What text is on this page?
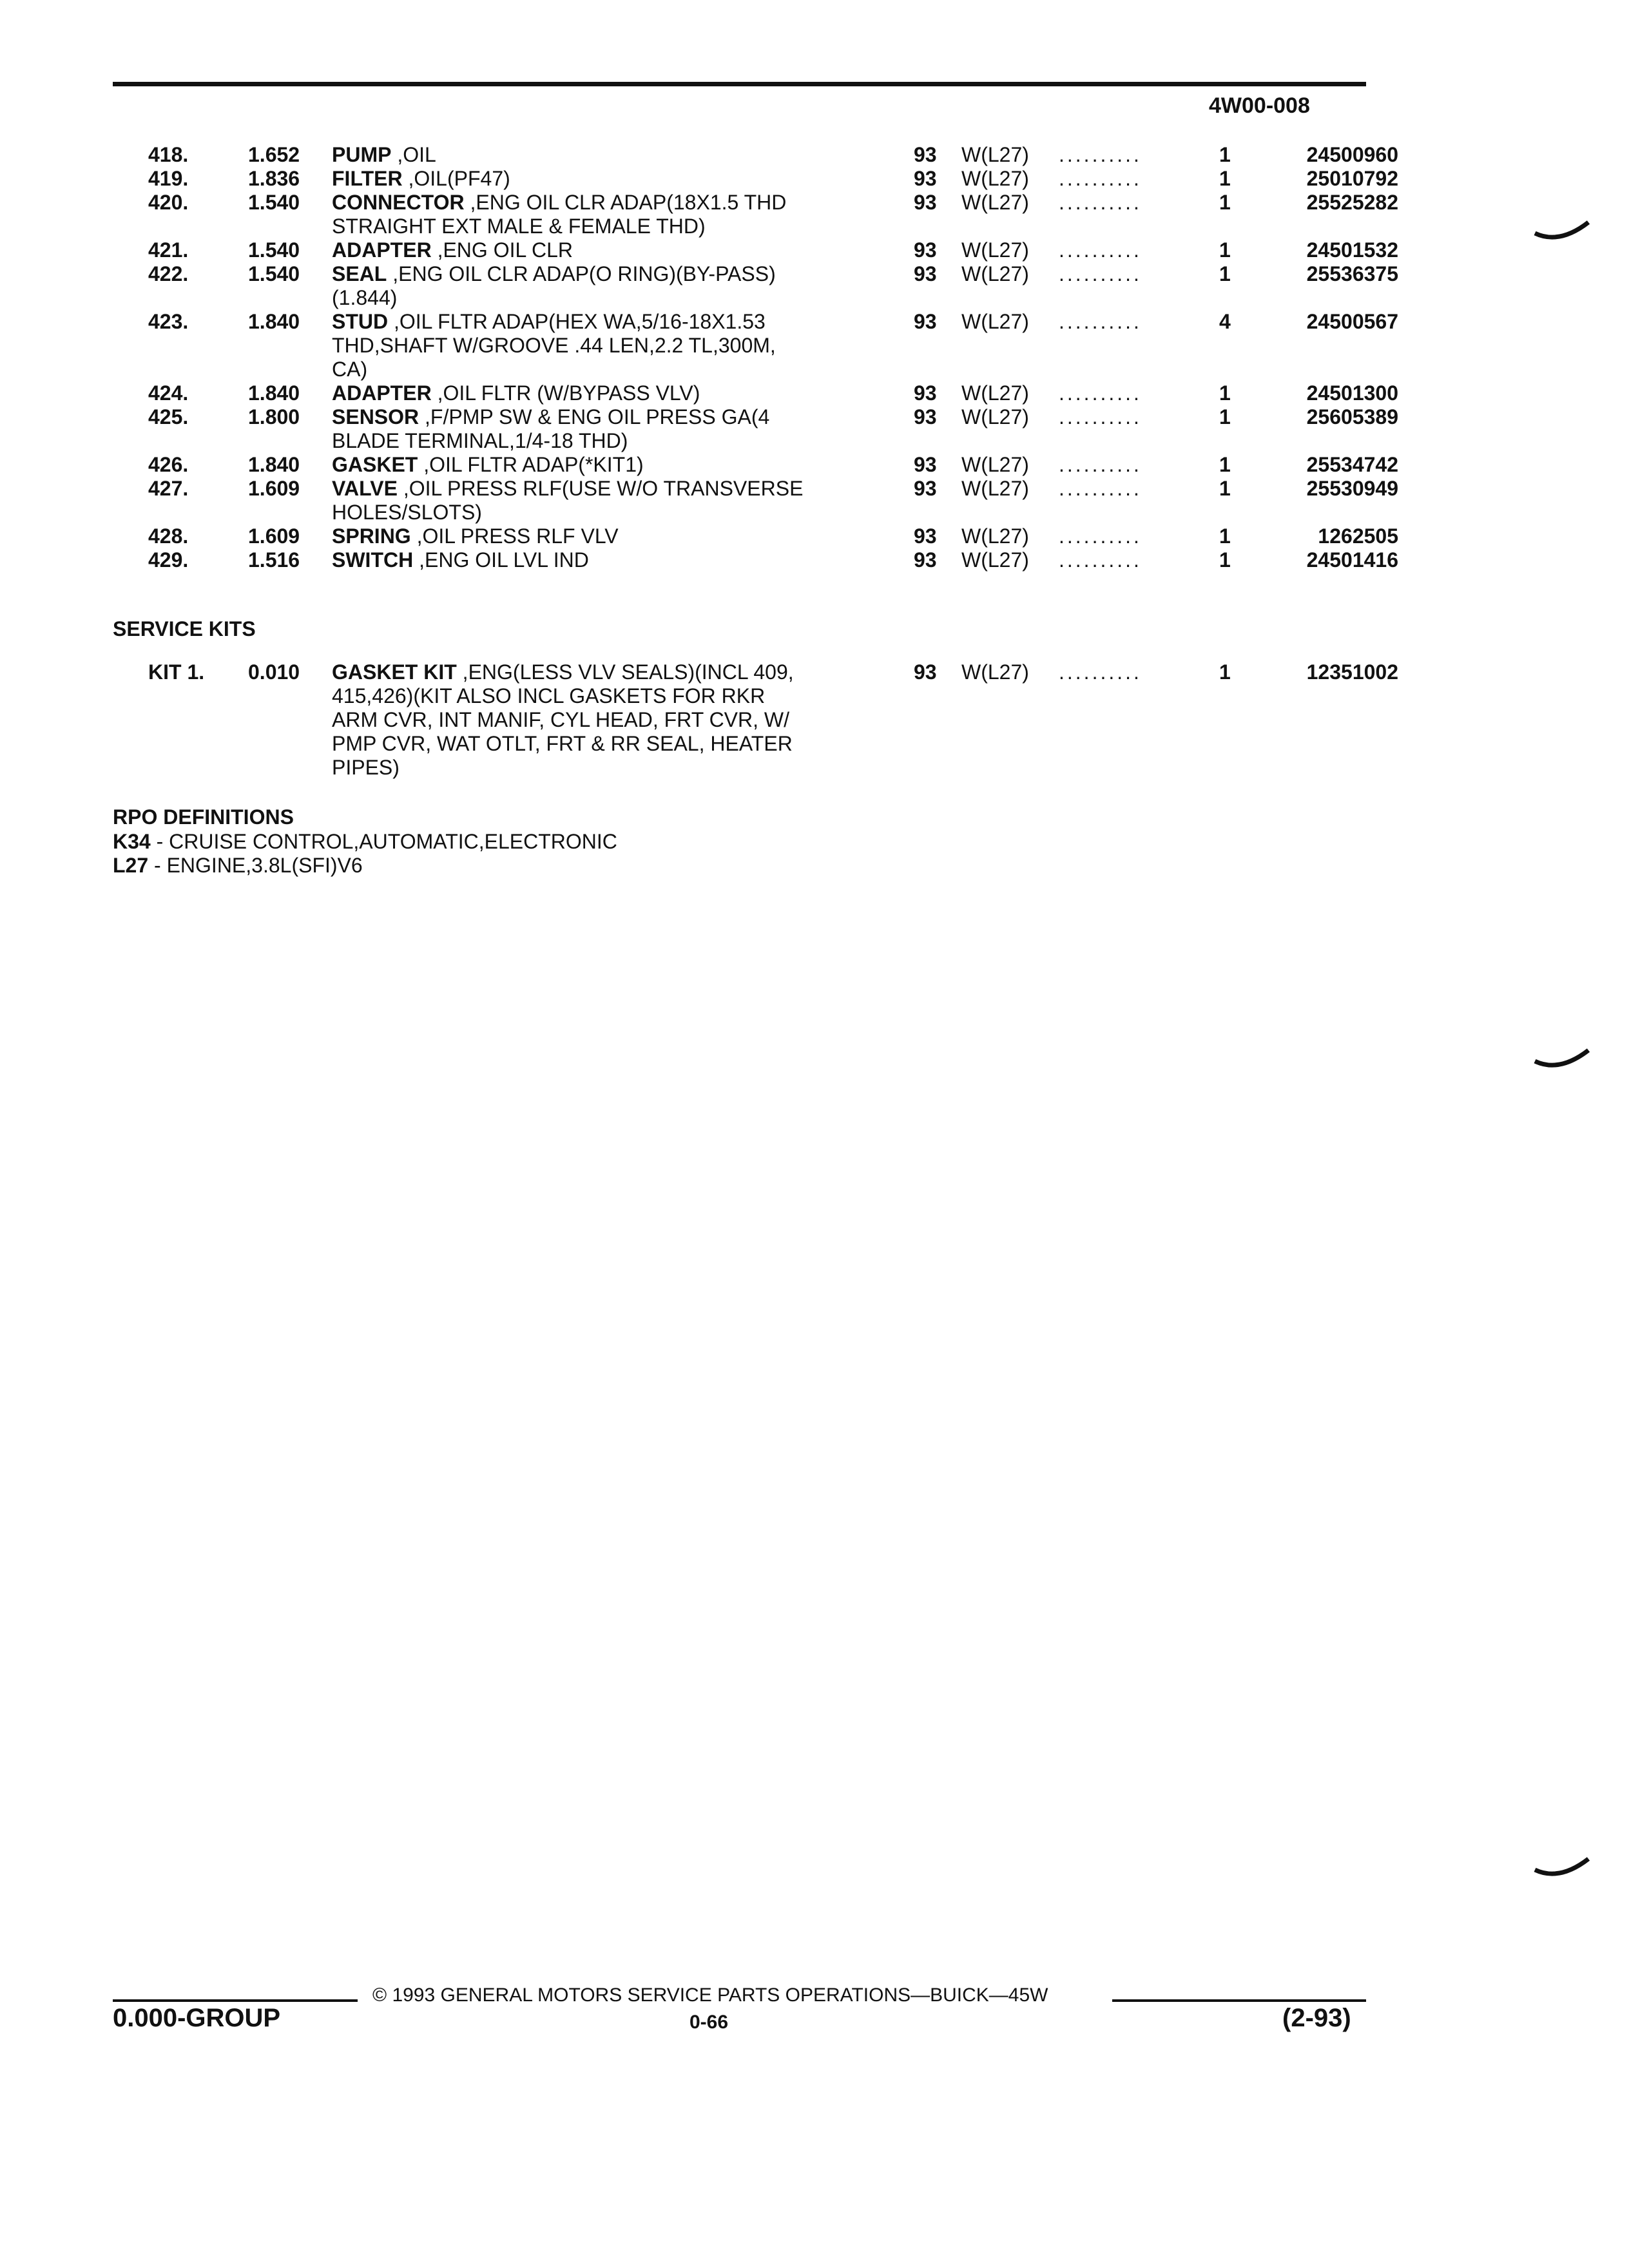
4W00-008
418.	1.652 PUMP ,OIL	93 W(L27) ..........	1	24500960
419.	1.836 FILTER ,OIL(PF47)	93 W(L27) ..........	1	25010792
420.	1.540 CONNECTOR ,ENG OIL CLR ADAP(18X1.5 THD
STRAIGHT EXT MALE & FEMALE THD)
93 W(L27) ..........	1	25525282
421.	1.540 ADAPTER ,ENG OIL CLR	93 W(L27) ..........	1	24501532
422.	1.540 SEAL ,ENG OIL CLR ADAP(O RING)(BY-PASS)
(1.844)
93 W(L27) ..........	1	25536375
423.	1.840 STUD ,OIL FLTR ADAP(HEX WA,5/16-18X1.53
THD,SHAFT W/GROOVE .44 LEN,2.2 TL,300M,
CA)
93 W(L27) ..........	4	24500567
424.	1.840 ADAPTER ,OIL FLTR (W/BYPASS VLV)	93 W(L27) ..........	1	24501300
425.	1.800 SENSOR ,F/PMP SW & ENG OIL PRESS GA(4
BLADE TERMINAL,1/4-18 THD)
93 W(L27) ..........	1	25605389
426.	1.840 GASKET ,OIL FLTR ADAP(*KIT1)	93 W(L27) ..........	1	25534742
427.	1.609 VALVE ,OIL PRESS RLF(USE W/O TRANSVERSE
HOLES/SLOTS)
93 W(L27) ..........	1	25530949
428.	1.609 SPRING ,OIL PRESS RLF VLV	93 W(L27) ..........	1	1262505
429.	1.516 SWITCH ,ENG OIL LVL IND	93 W(L27) ..........	1	24501416
SERVICE KITS
KIT 1. 0.010 GASKET KIT ,ENG(LESS VLV SEALS)(INCL 409,
415,426)(KIT ALSO INCL GASKETS FOR RKR
ARM CVR, INT MANIF, CYL HEAD, FRT CVR, W/
PMP CVR, WAT OTLT, FRT & RR SEAL, HEATER
PIPES)
93 W(L27) ..........	1	12351002
RPO DEFINITIONS
K34 - CRUISE CONTROL,AUTOMATIC,ELECTRONIC
L27 - ENGINE,3.8L(SFI)V6
© 1993 GENERAL MOTORS SERVICE PARTS OPERATIONS—BUICK—45W
0.000-GROUP	0-66	(2-93)
